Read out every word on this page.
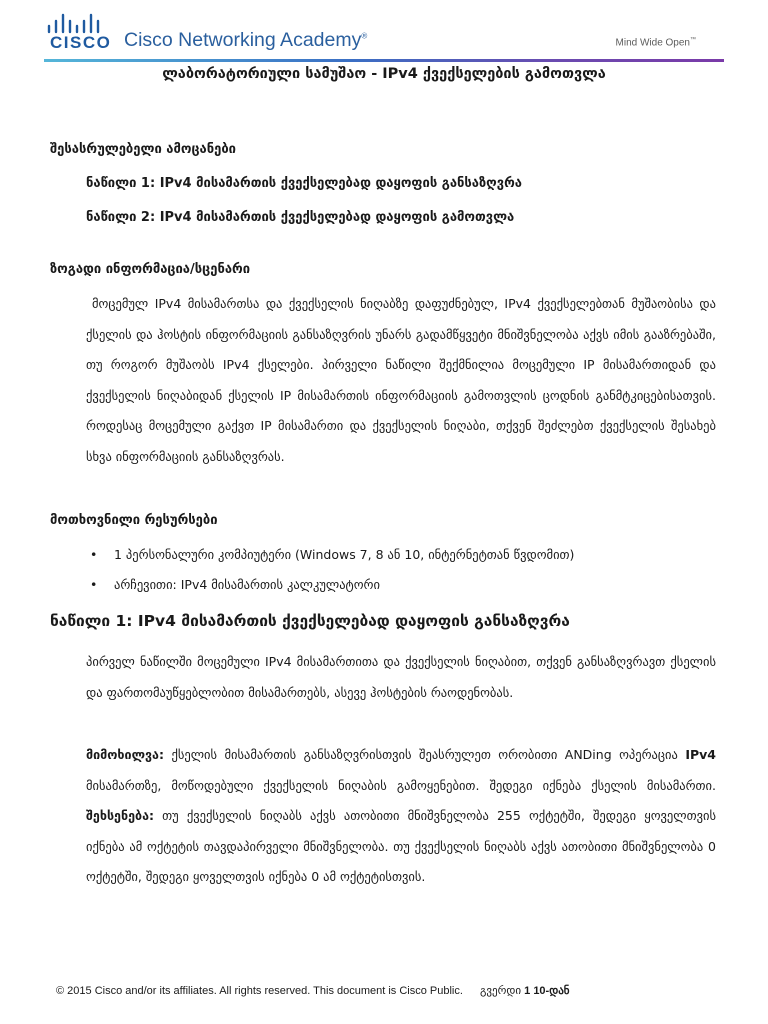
CISCO Cisco Networking Academy®
Mind Wide Open™
ლაბორატორიული სამუშაო - IPv4 ქვექსელების გამოთვლა
შესასრულებელი ამოცანები
ნაწილი 1: IPv4 მისამართის ქვექსელებად დაყოფის განსაზღვრა
ნაწილი 2: IPv4 მისამართის ქვექსელებად დაყოფის გამოთვლა
ზოგადი ინფორმაცია/სცენარი
მოცემულ IPv4 მისამართსა და ქვექსელის ნიღაბზე დაფუძნებულ, IPv4 ქვექსელებთან მუშაობისა და ქსელის და ჰოსტის ინფორმაციის განსაზღვრის უნარს გადამწყვეტი მნიშვნელობა აქვს იმის გააზრებაში, თუ როგორ მუშაობს IPv4 ქსელები. პირველი ნაწილი შექმნილია მოცემული IP მისამართიდან და ქვექსელის ნიღაბიდან ქსელის IP მისამართის ინფორმაციის გამოთვლის ცოდნის განმტკიცებისათვის. როდესაც მოცემული გაქვთ IP მისამართი და ქვექსელის ნიღაბი, თქვენ შეძლებთ ქვექსელის შესახებ სხვა ინფორმაციის განსაზღვრას.
მოთხოვნილი რესურსები
• 1 პერსონალური კომპიუტერი (Windows 7, 8 ან 10, ინტერნეტთან წვდომით)
• არჩევითი: IPv4 მისამართის კალკულატორი
ნაწილი 1: IPv4 მისამართის ქვექსელებად დაყოფის განსაზღვრა
პირველ ნაწილში მოცემული IPv4 მისამართითა და ქვექსელის ნიღაბით, თქვენ განსაზღვრავთ ქსელის და ფართომაუწყებლობით მისამართებს, ასევე ჰოსტების რაოდენობას.
მიმოხილვა: ქსელის მისამართის განსაზღვრისთვის შეასრულეთ ორობითი ANDing ოპერაცია IPv4 მისამართზე, მოწოდებული ქვექსელის ნიღაბის გამოყენებით. შედეგი იქნება ქსელის მისამართი. შეხსენება: თუ ქვექსელის ნიღაბს აქვს ათობითი მნიშვნელობა 255 ოქტეტში, შედეგი ყოველთვის იქნება ამ ოქტეტის თავდაპირველი მნიშვნელობა. თუ ქვექსელის ნიღაბს აქვს ათობითი მნიშვნელობა 0 ოქტეტში, შედეგი ყოველთვის იქნება 0 ამ ოქტეტისთვის.
© 2015 Cisco and/or its affiliates. All rights reserved. This document is Cisco Public. გვერდი 1 10-დან
